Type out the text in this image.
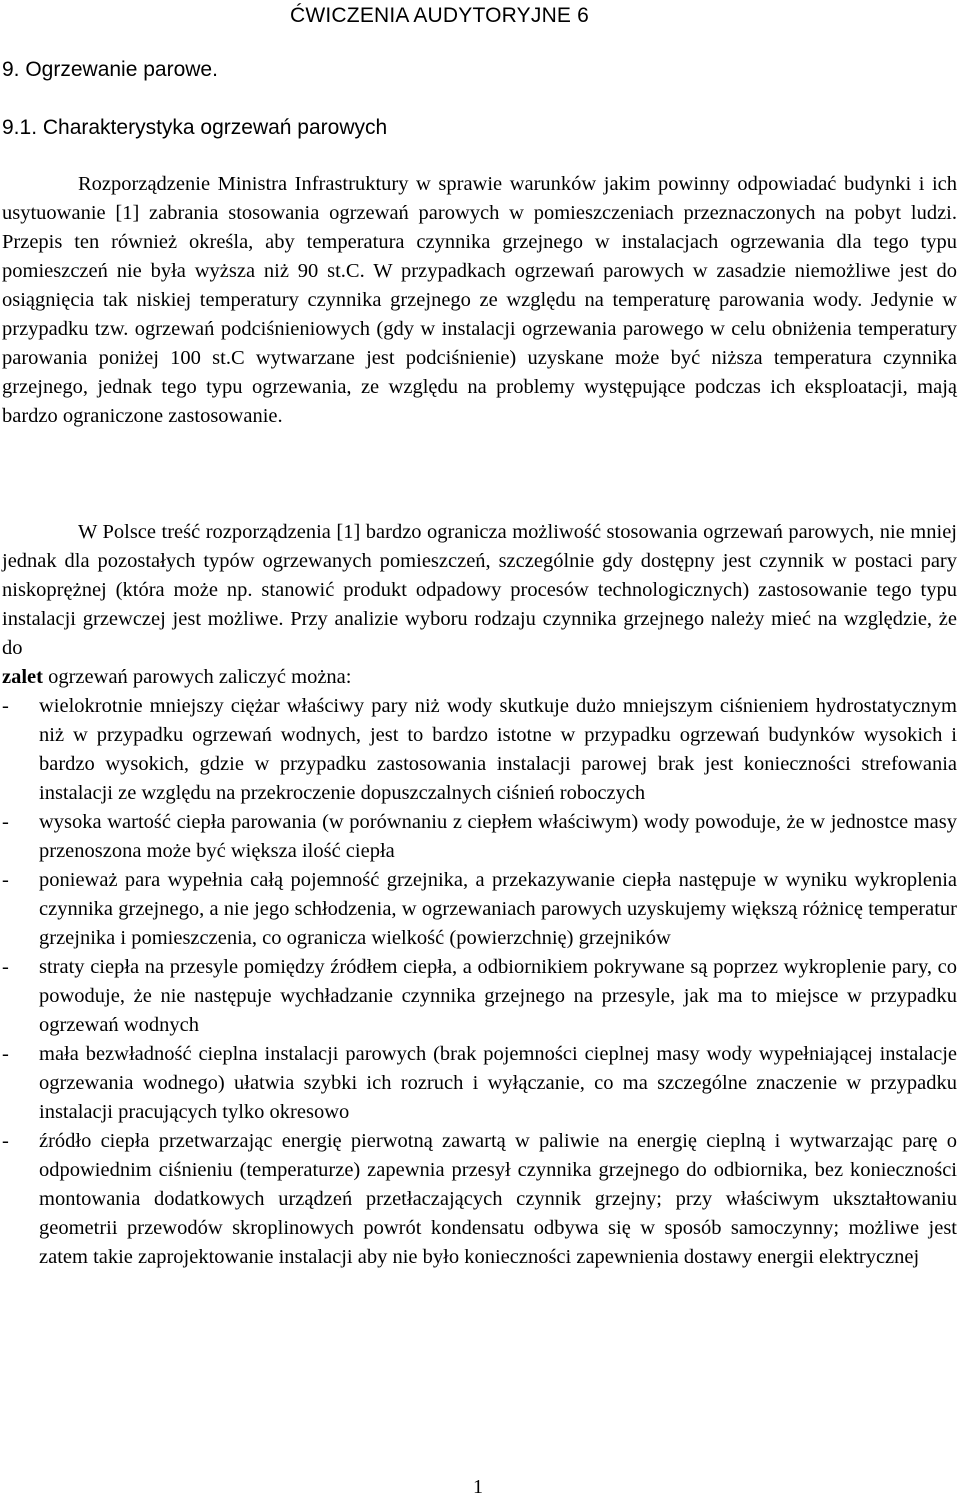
ĆWICZENIA AUDYTORYJNE 6
9. Ogrzewanie parowe.
9.1. Charakterystyka ogrzewań parowych
Rozporządzenie Ministra Infrastruktury w sprawie warunków jakim powinny odpowiadać budynki i ich usytuowanie [1] zabrania stosowania ogrzewań parowych w pomieszczeniach przeznaczonych na pobyt ludzi. Przepis ten również określa, aby temperatura czynnika grzejnego w instalacjach ogrzewania dla tego typu pomieszczeń nie była wyższa niż 90 st.C. W przypadkach ogrzewań parowych w zasadzie niemożliwe jest do osiągnięcia tak niskiej temperatury czynnika grzejnego ze względu na temperaturę parowania wody. Jedynie w przypadku tzw. ogrzewań podciśnieniowych (gdy w instalacji ogrzewania parowego w celu obniżenia temperatury parowania poniżej 100 st.C wytwarzane jest podciśnienie) uzyskane może być niższa temperatura czynnika grzejnego, jednak tego typu ogrzewania, ze względu na problemy występujące podczas ich eksploatacji, mają bardzo ograniczone zastosowanie.
W Polsce treść rozporządzenia [1] bardzo ogranicza możliwość stosowania ogrzewań parowych, nie mniej jednak dla pozostałych typów ogrzewanych pomieszczeń, szczególnie gdy dostępny jest czynnik w postaci pary niskoprężnej (która może np. stanowić produkt odpadowy procesów technologicznych) zastosowanie tego typu instalacji grzewczej jest możliwe. Przy analizie wyboru rodzaju czynnika grzejnego należy mieć na względzie, że do
zalet ogrzewań parowych zaliczyć można:
- wielokrotnie mniejszy ciężar właściwy pary niż wody skutkuje dużo mniejszym ciśnieniem hydrostatycznym niż w przypadku ogrzewań wodnych, jest to bardzo istotne w przypadku ogrzewań budynków wysokich i bardzo wysokich, gdzie w przypadku zastosowania instalacji parowej brak jest konieczności strefowania instalacji ze względu na przekroczenie dopuszczalnych ciśnień roboczych
- wysoka wartość ciepła parowania (w porównaniu z ciepłem właściwym) wody powoduje, że w jednostce masy przenoszona może być większa ilość ciepła
- ponieważ para wypełnia całą pojemność grzejnika, a przekazywanie ciepła następuje w wyniku wykroplenia czynnika grzejnego, a nie jego schłodzenia, w ogrzewaniach parowych uzyskujemy większą różnicę temperatur grzejnika i pomieszczenia, co ogranicza wielkość (powierzchnię) grzejników
- straty ciepła na przesyle pomiędzy źródłem ciepła, a odbiornikiem pokrywane są poprzez wykroplenie pary, co powoduje, że nie następuje wychładzanie czynnika grzejnego na przesyle, jak ma to miejsce w przypadku ogrzewań wodnych
- mała bezwładność cieplna instalacji parowych (brak pojemności cieplnej masy wody wypełniającej instalacje ogrzewania wodnego) ułatwia szybki ich rozruch i wyłączanie, co ma szczególne znaczenie w przypadku instalacji pracujących tylko okresowo
- źródło ciepła przetwarzając energię pierwotną zawartą w paliwie na energię cieplną i wytwarzając parę o odpowiednim ciśnieniu (temperaturze) zapewnia przesył czynnika grzejnego do odbiornika, bez konieczności montowania dodatkowych urządzeń przetłaczających czynnik grzejny; przy właściwym ukształtowaniu geometrii przewodów skroplinowych powrót kondensatu odbywa się w sposób samoczynny; możliwe jest zatem takie zaprojektowanie instalacji aby nie było konieczności zapewnienia dostawy energii elektrycznej
1
